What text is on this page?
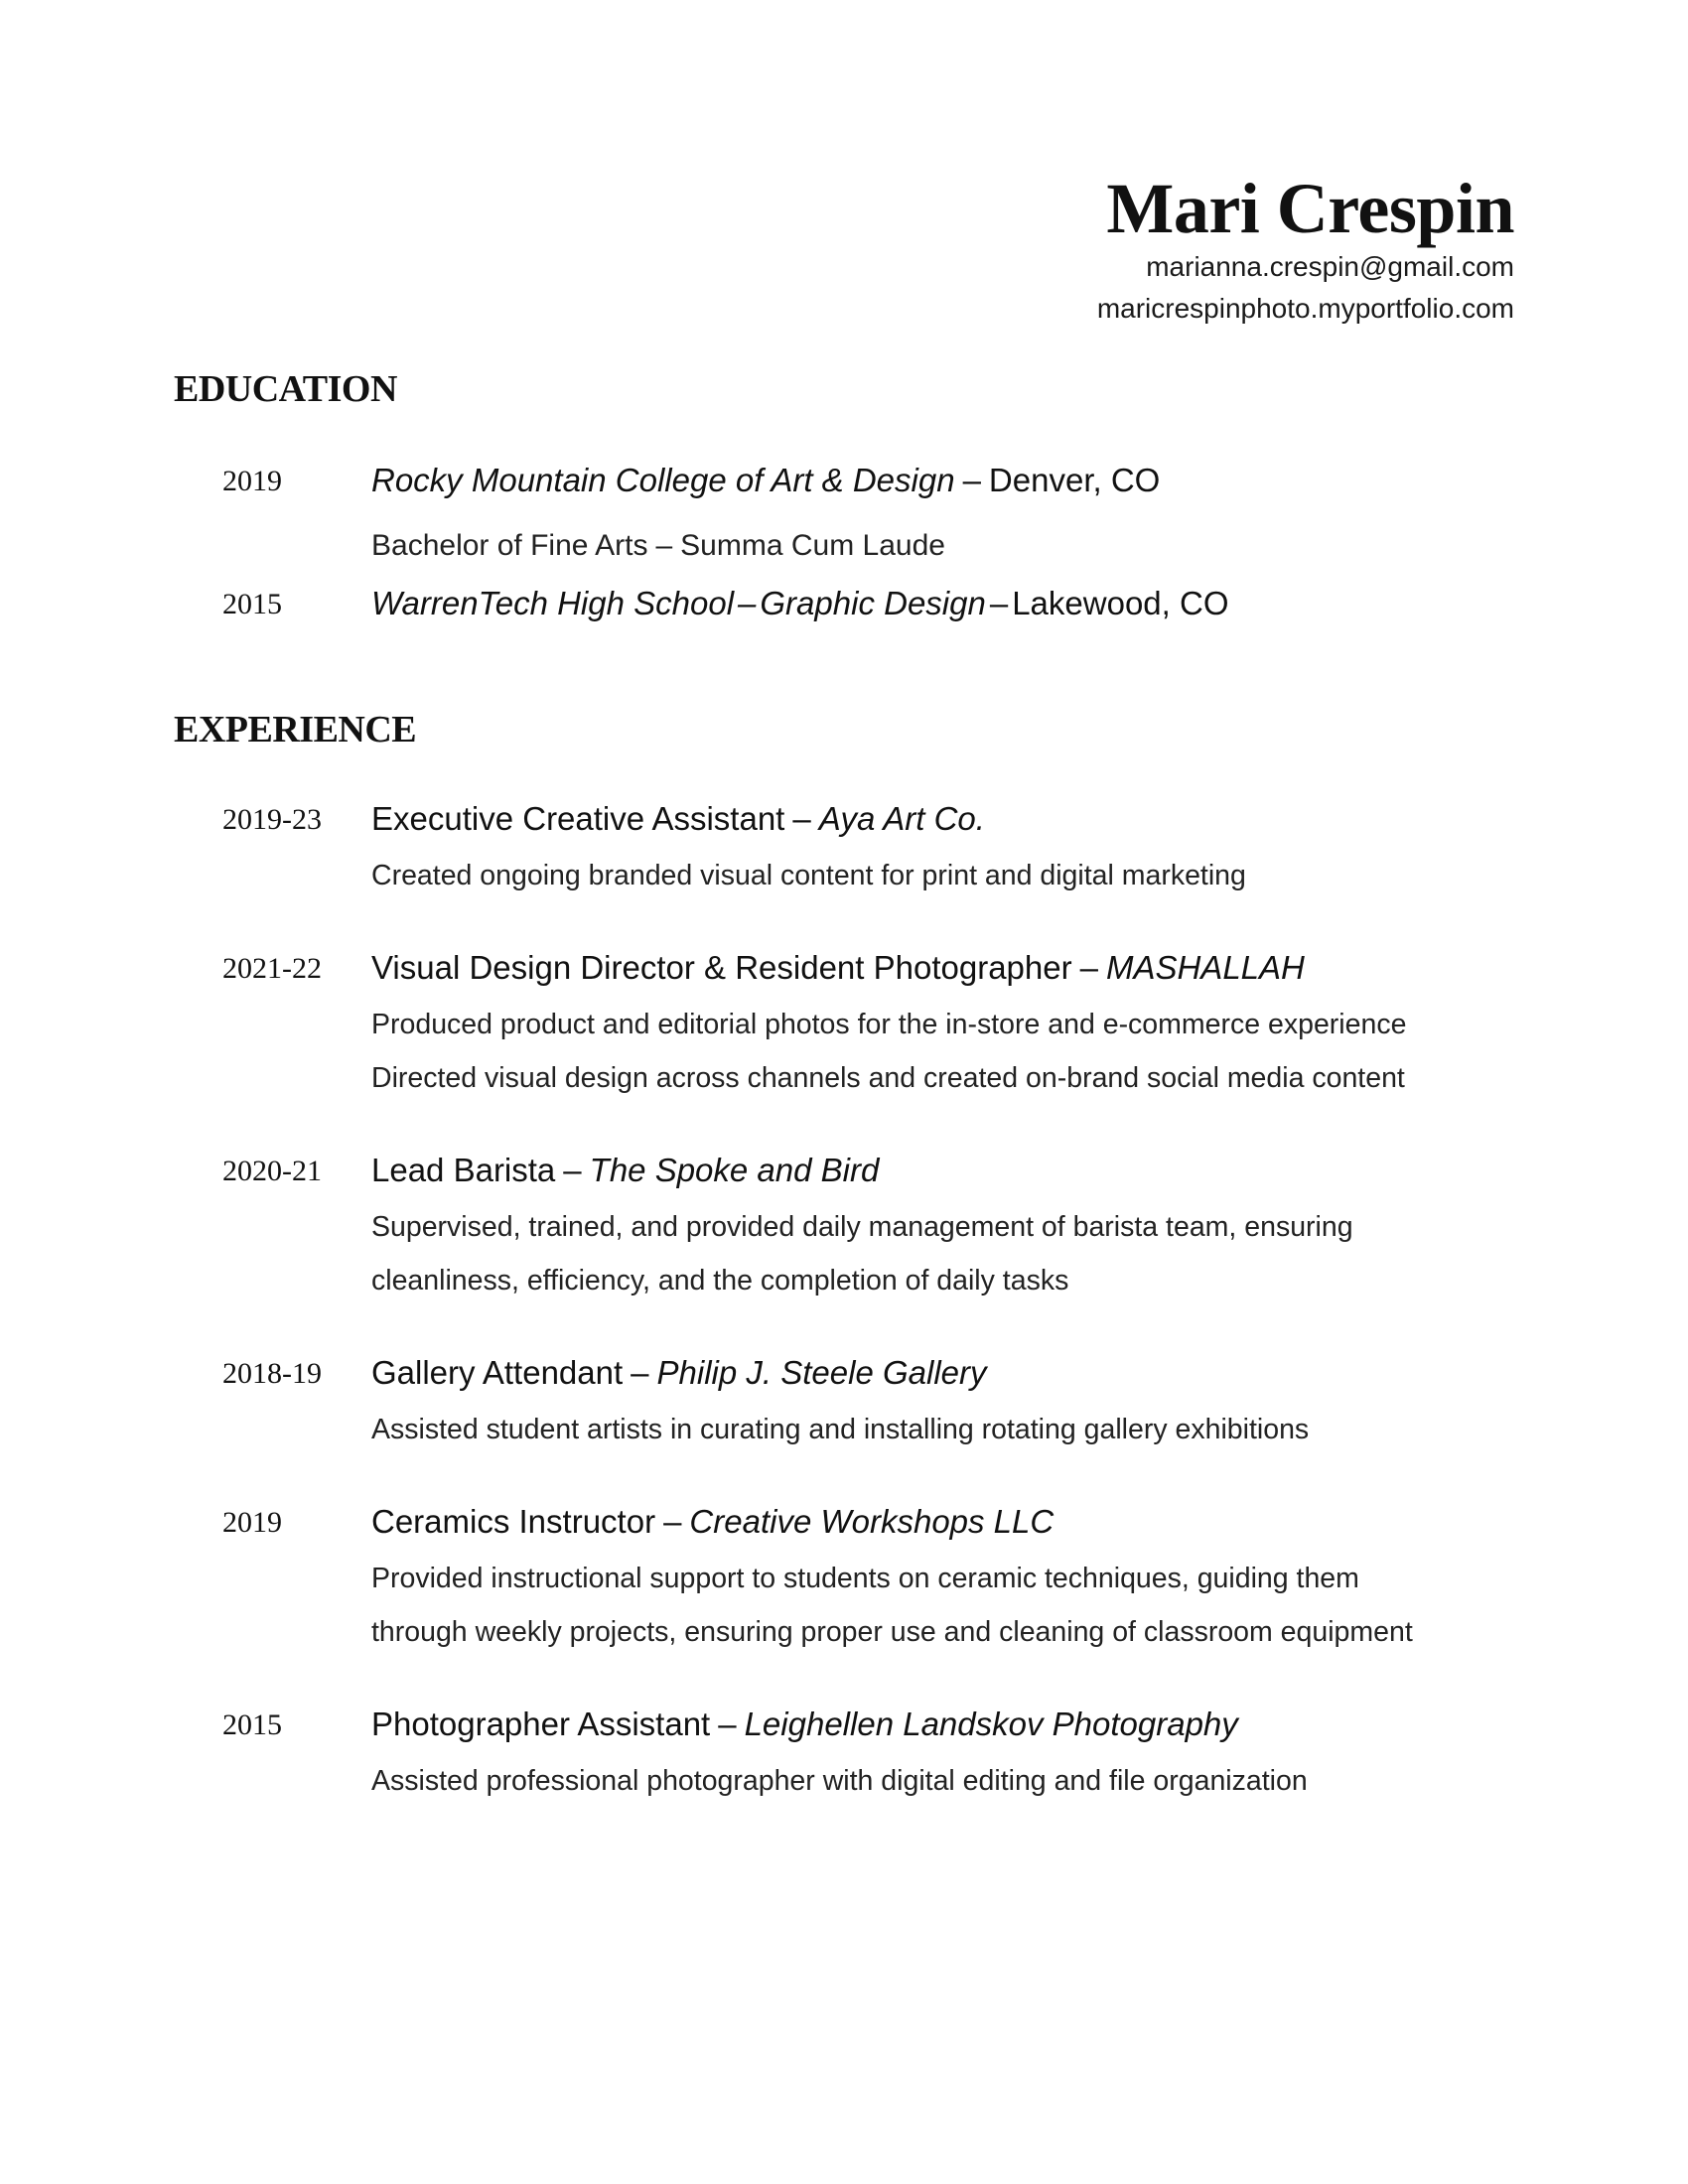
Mari Crespin
marianna.crespin@gmail.com
maricrespinphoto.myportfolio.com
EDUCATION
2019	Rocky Mountain College of Art & Design – Denver, CO
Bachelor of Fine Arts – Summa Cum Laude
2015	WarrenTech High School – Graphic Design – Lakewood, CO
EXPERIENCE
2019-23	Executive Creative Assistant – Aya Art Co.
Created ongoing branded visual content for print and digital marketing
2021-22	Visual Design Director & Resident Photographer – MASHALLAH
Produced product and editorial photos for the in-store and e-commerce experience
Directed visual design across channels and created on-brand social media content
2020-21	Lead Barista – The Spoke and Bird
Supervised, trained, and provided daily management of barista team, ensuring
cleanliness, efficiency, and the completion of daily tasks
2018-19	Gallery Attendant – Philip J. Steele Gallery
Assisted student artists in curating and installing rotating gallery exhibitions
2019	Ceramics Instructor – Creative Workshops LLC
Provided instructional support to students on ceramic techniques, guiding them
through weekly projects, ensuring proper use and cleaning of classroom equipment
2015	Photographer Assistant – Leighellen Landskov Photography
Assisted professional photographer with digital editing and file organization
